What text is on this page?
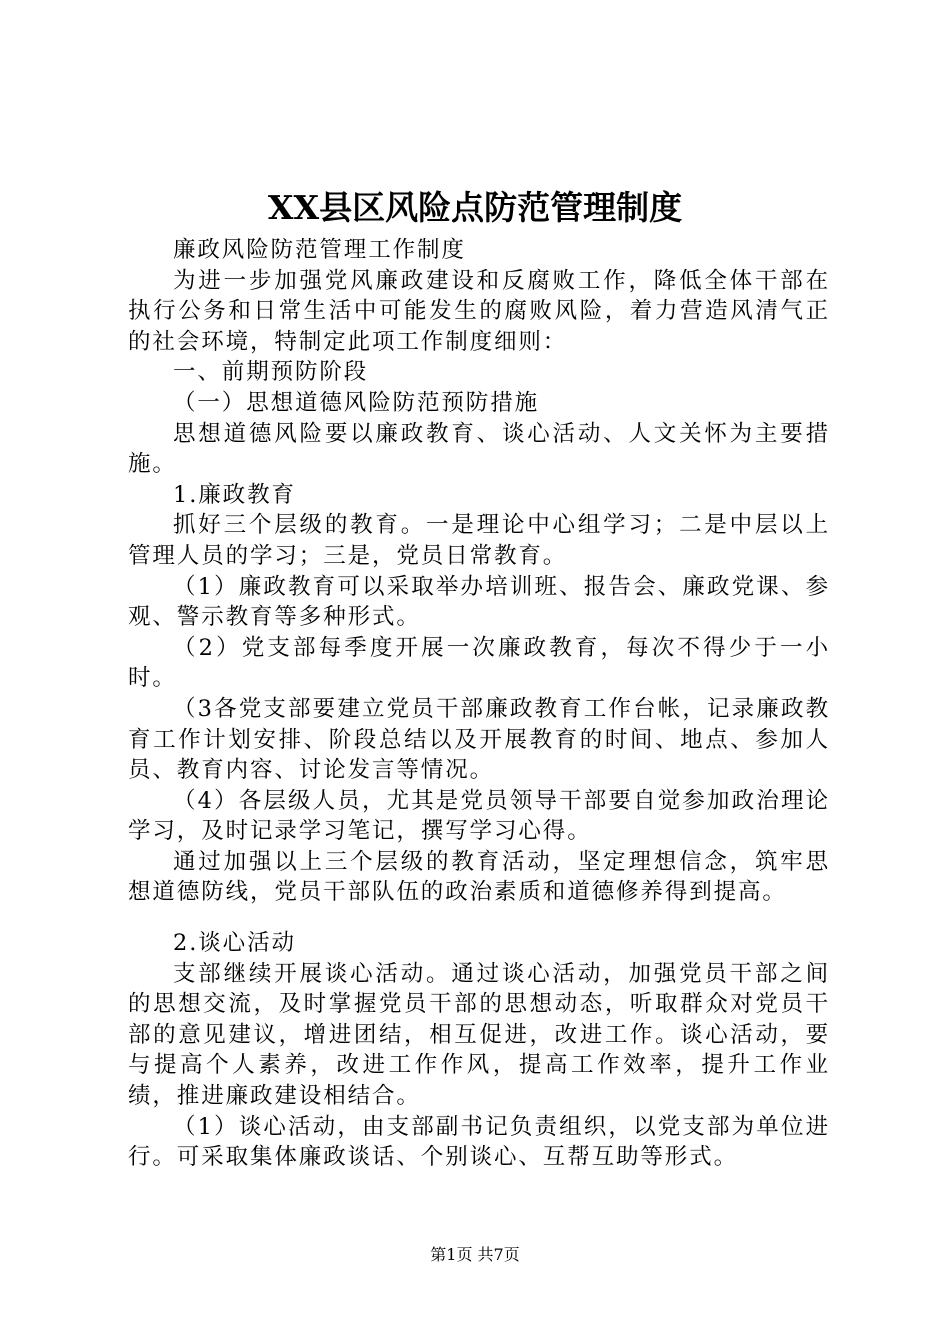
XX县区风险点防范管理制度

廉政风险防范管理工作制度

为进一步加强党风廉政建设和反腐败工作，降低全体干部在执行公务和日常生活中可能发生的腐败风险，着力营造风清气正的社会环境，特制定此项工作制度细则：

一、前期预防阶段

（一）思想道德风险防范预防措施

思想道德风险要以廉政教育、谈心活动、人文关怀为主要措施。

1.廉政教育

抓好三个层级的教育。一是理论中心组学习；二是中层以上管理人员的学习；三是，党员日常教育。

（1）廉政教育可以采取举办培训班、报告会、廉政党课、参观、警示教育等多种形式。

（2）党支部每季度开展一次廉政教育，每次不得少于一小时。

（3各党支部要建立党员干部廉政教育工作台帐，记录廉政教育工作计划安排、阶段总结以及开展教育的时间、地点、参加人员、教育内容、讨论发言等情况。

（4）各层级人员，尤其是党员领导干部要自觉参加政治理论学习，及时记录学习笔记，撰写学习心得。

通过加强以上三个层级的教育活动，坚定理想信念，筑牢思想道德防线，党员干部队伍的政治素质和道德修养得到提高。

2.谈心活动

支部继续开展谈心活动。通过谈心活动，加强党员干部之间的思想交流，及时掌握党员干部的思想动态，听取群众对党员干部的意见建议，增进团结，相互促进，改进工作。谈心活动，要与提高个人素养，改进工作作风，提高工作效率，提升工作业绩，推进廉政建设相结合。

（1）谈心活动，由支部副书记负责组织，以党支部为单位进行。可采取集体廉政谈话、个别谈心、互帮互助等形式。

第1页 共7页
